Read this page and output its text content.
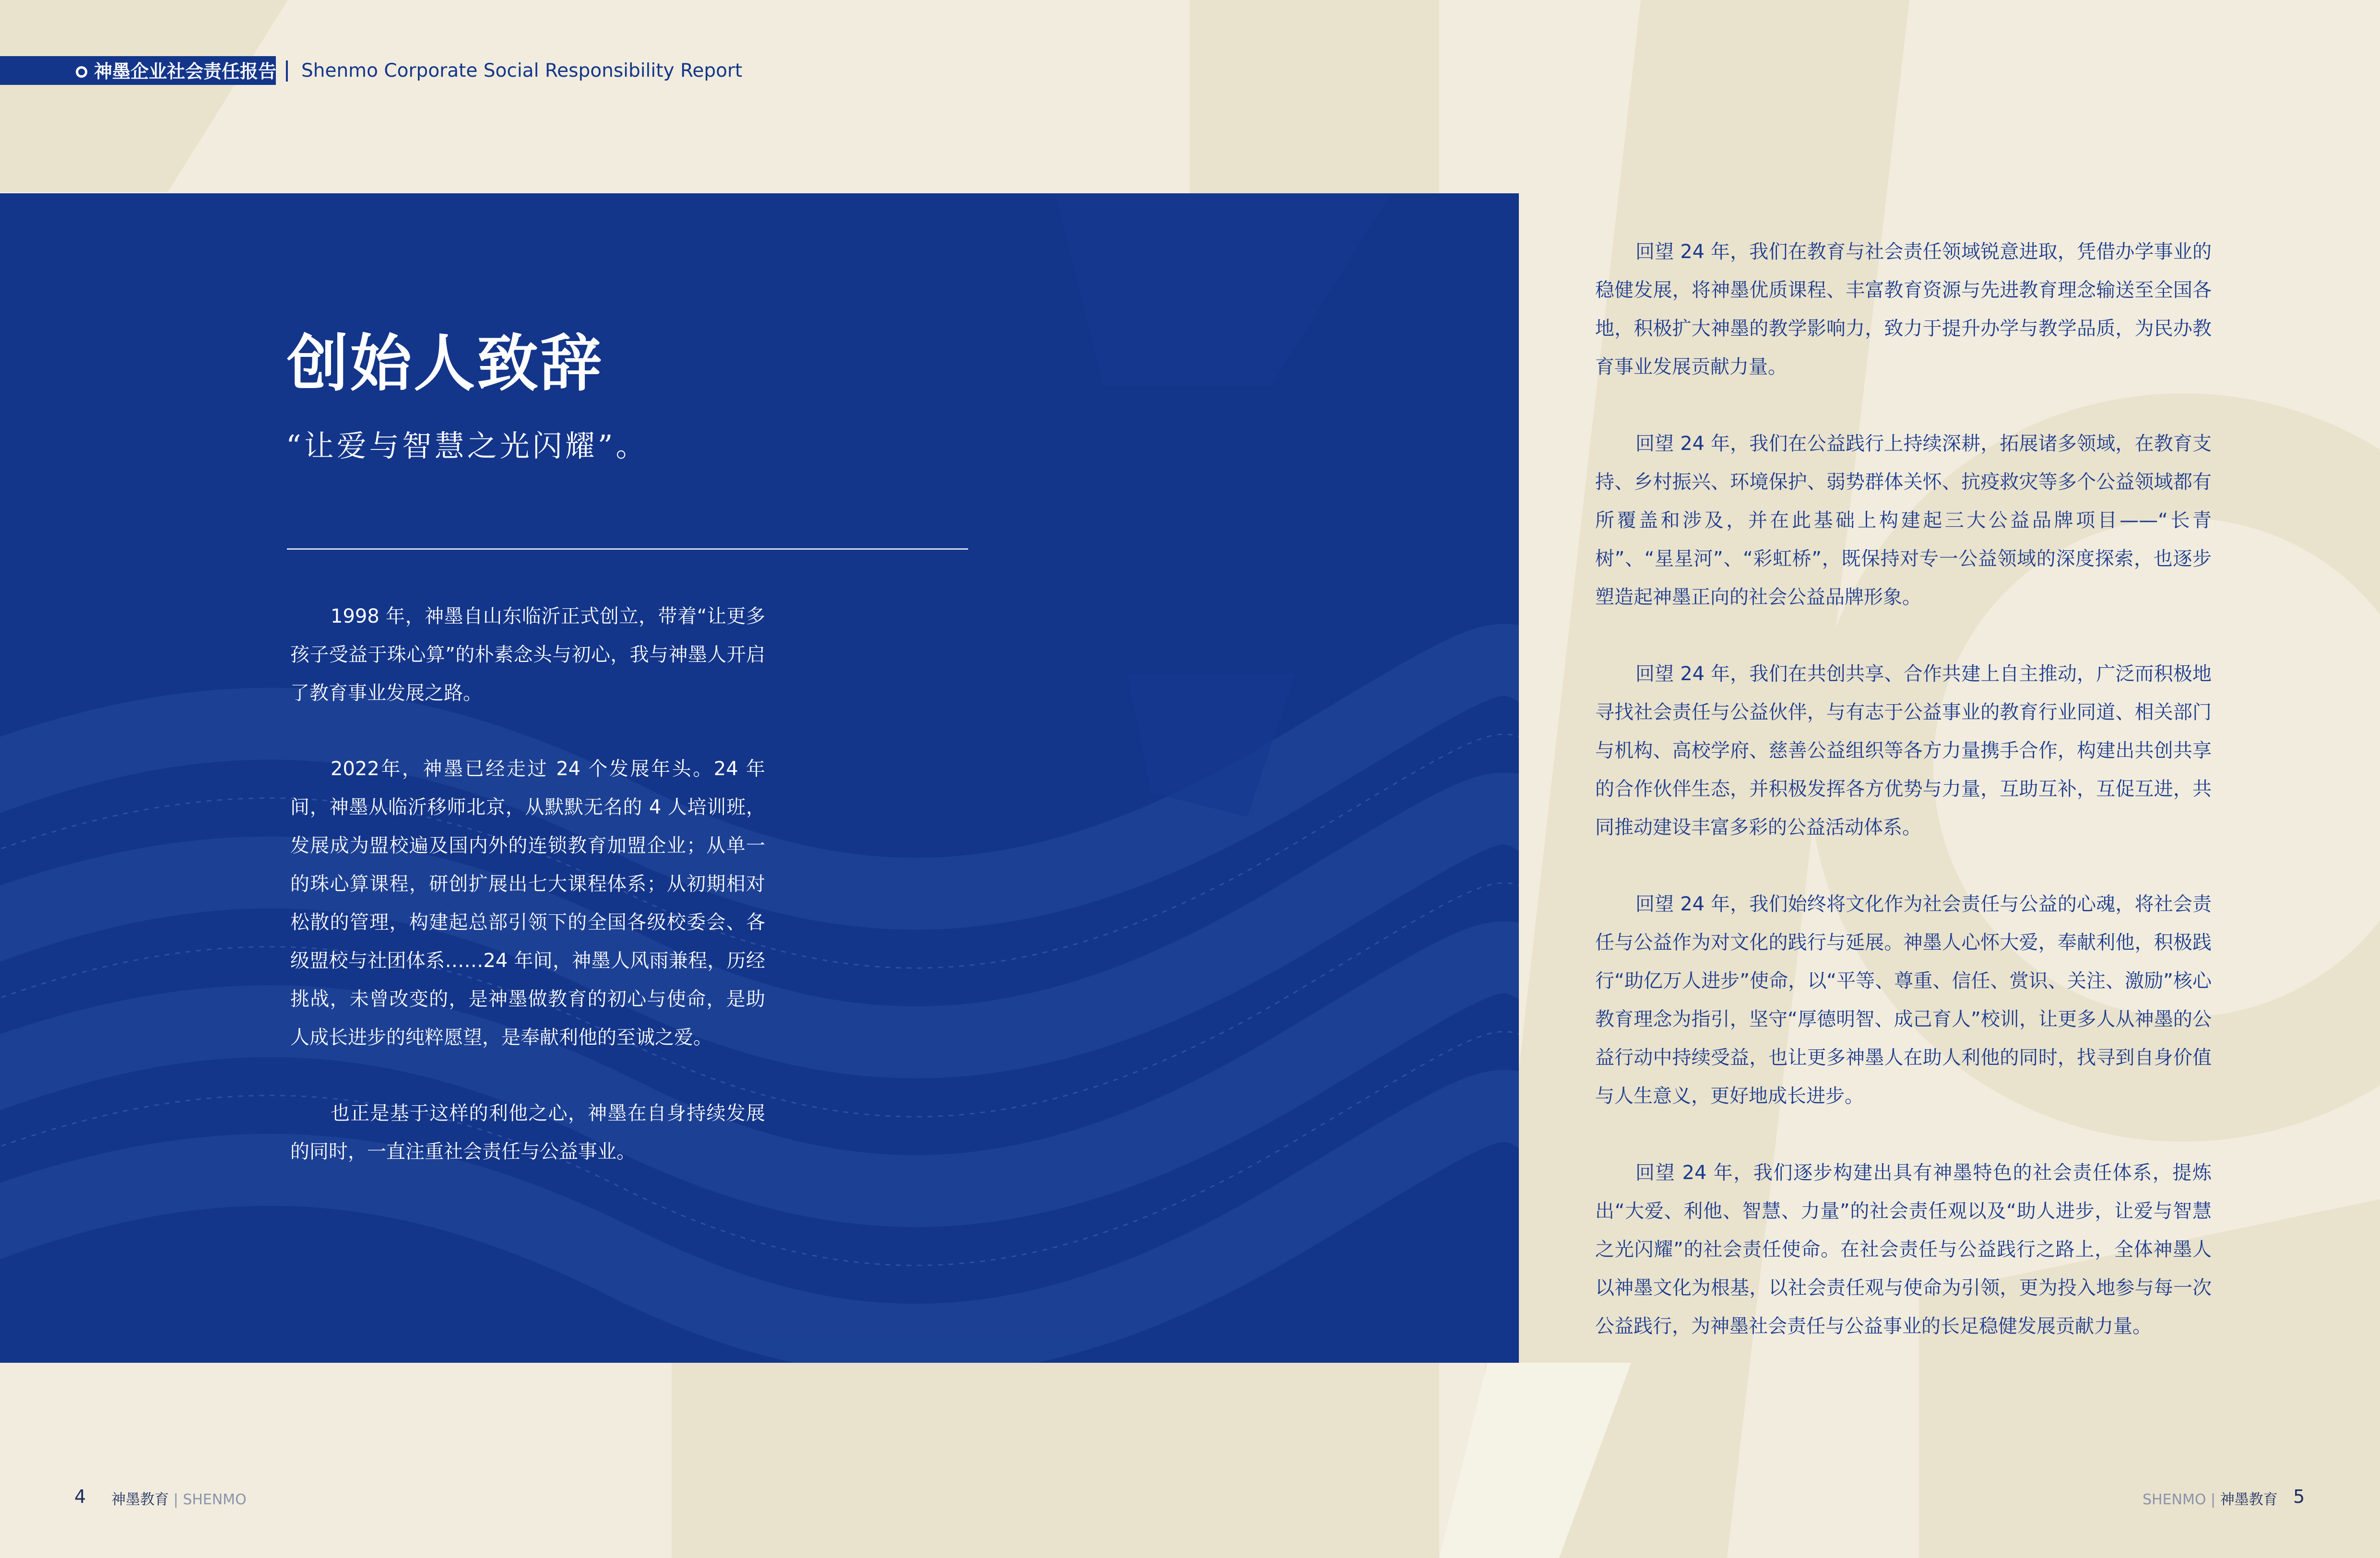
神墨企业社会责任报告 Shenmo Corporate Social Responsibility Report
创始人致辞
“让爱与智慧之光闪耀”。

1998 年，神墨自山东临沂正式创立，带着“让更多孩子受益于珠心算”的朴素念头与初心，我与神墨人开启了教育事业发展之路。

2022年，神墨已经走过 24 个发展年头。24 年间，神墨从临沂移师北京，从默默无名的 4 人培训班，发展成为盟校遍及国内外的连锁教育加盟企业；从单一的珠心算课程，研创扩展出七大课程体系；从初期相对松散的管理，构建起总部引领下的全国各级校委会、各级盟校与社团体系……24 年间，神墨人风雨兼程，历经挑战，未曾改变的，是神墨做教育的初心与使命，是助人成长进步的纯粹愿望，是奉献利他的至诚之爱。

也正是基于这样的利他之心，神墨在自身持续发展的同时，一直注重社会责任与公益事业。

回望 24 年，我们在教育与社会责任领域锐意进取，凭借办学事业的稳健发展，将神墨优质课程、丰富教育资源与先进教育理念输送至全国各地，积极扩大神墨的教学影响力，致力于提升办学与教学品质，为民办教育事业发展贡献力量。

回望 24 年，我们在公益践行上持续深耕，拓展诸多领域，在教育支持、乡村振兴、环境保护、弱势群体关怀、抗疫救灾等多个公益领域都有所覆盖和涉及，并在此基础上构建起三大公益品牌项目——“长青树”、“星星河”、“彩虹桥”，既保持对专一公益领域的深度探索，也逐步塑造起神墨正向的社会公益品牌形象。

回望 24 年，我们在共创共享、合作共建上自主推动，广泛而积极地寻找社会责任与公益伙伴，与有志于公益事业的教育行业同道、相关部门与机构、高校学府、慈善公益组织等各方力量携手合作，构建出共创共享的合作伙伴生态，并积极发挥各方优势与力量，互助互补，互促互进，共同推动建设丰富多彩的公益活动体系。

回望 24 年，我们始终将文化作为社会责任与公益的心魂，将社会责任与公益作为对文化的践行与延展。神墨人心怀大爱，奉献利他，积极践行“助亿万人进步”使命，以“平等、尊重、信任、赏识、关注、激励”核心教育理念为指引，坚守“厚德明智、成己育人”校训，让更多人从神墨的公益行动中持续受益，也让更多神墨人在助人利他的同时，找寻到自身价值与人生意义，更好地成长进步。

回望 24 年，我们逐步构建出具有神墨特色的社会责任体系，提炼出“大爱、利他、智慧、力量”的社会责任观以及“助人进步，让爱与智慧之光闪耀”的社会责任使命。在社会责任与公益践行之路上，全体神墨人以神墨文化为根基，以社会责任观与使命为引领，更为投入地参与每一次公益践行，为神墨社会责任与公益事业的长足稳健发展贡献力量。

4 神墨教育 | SHENMO	SHENMO | 神墨教育 5
